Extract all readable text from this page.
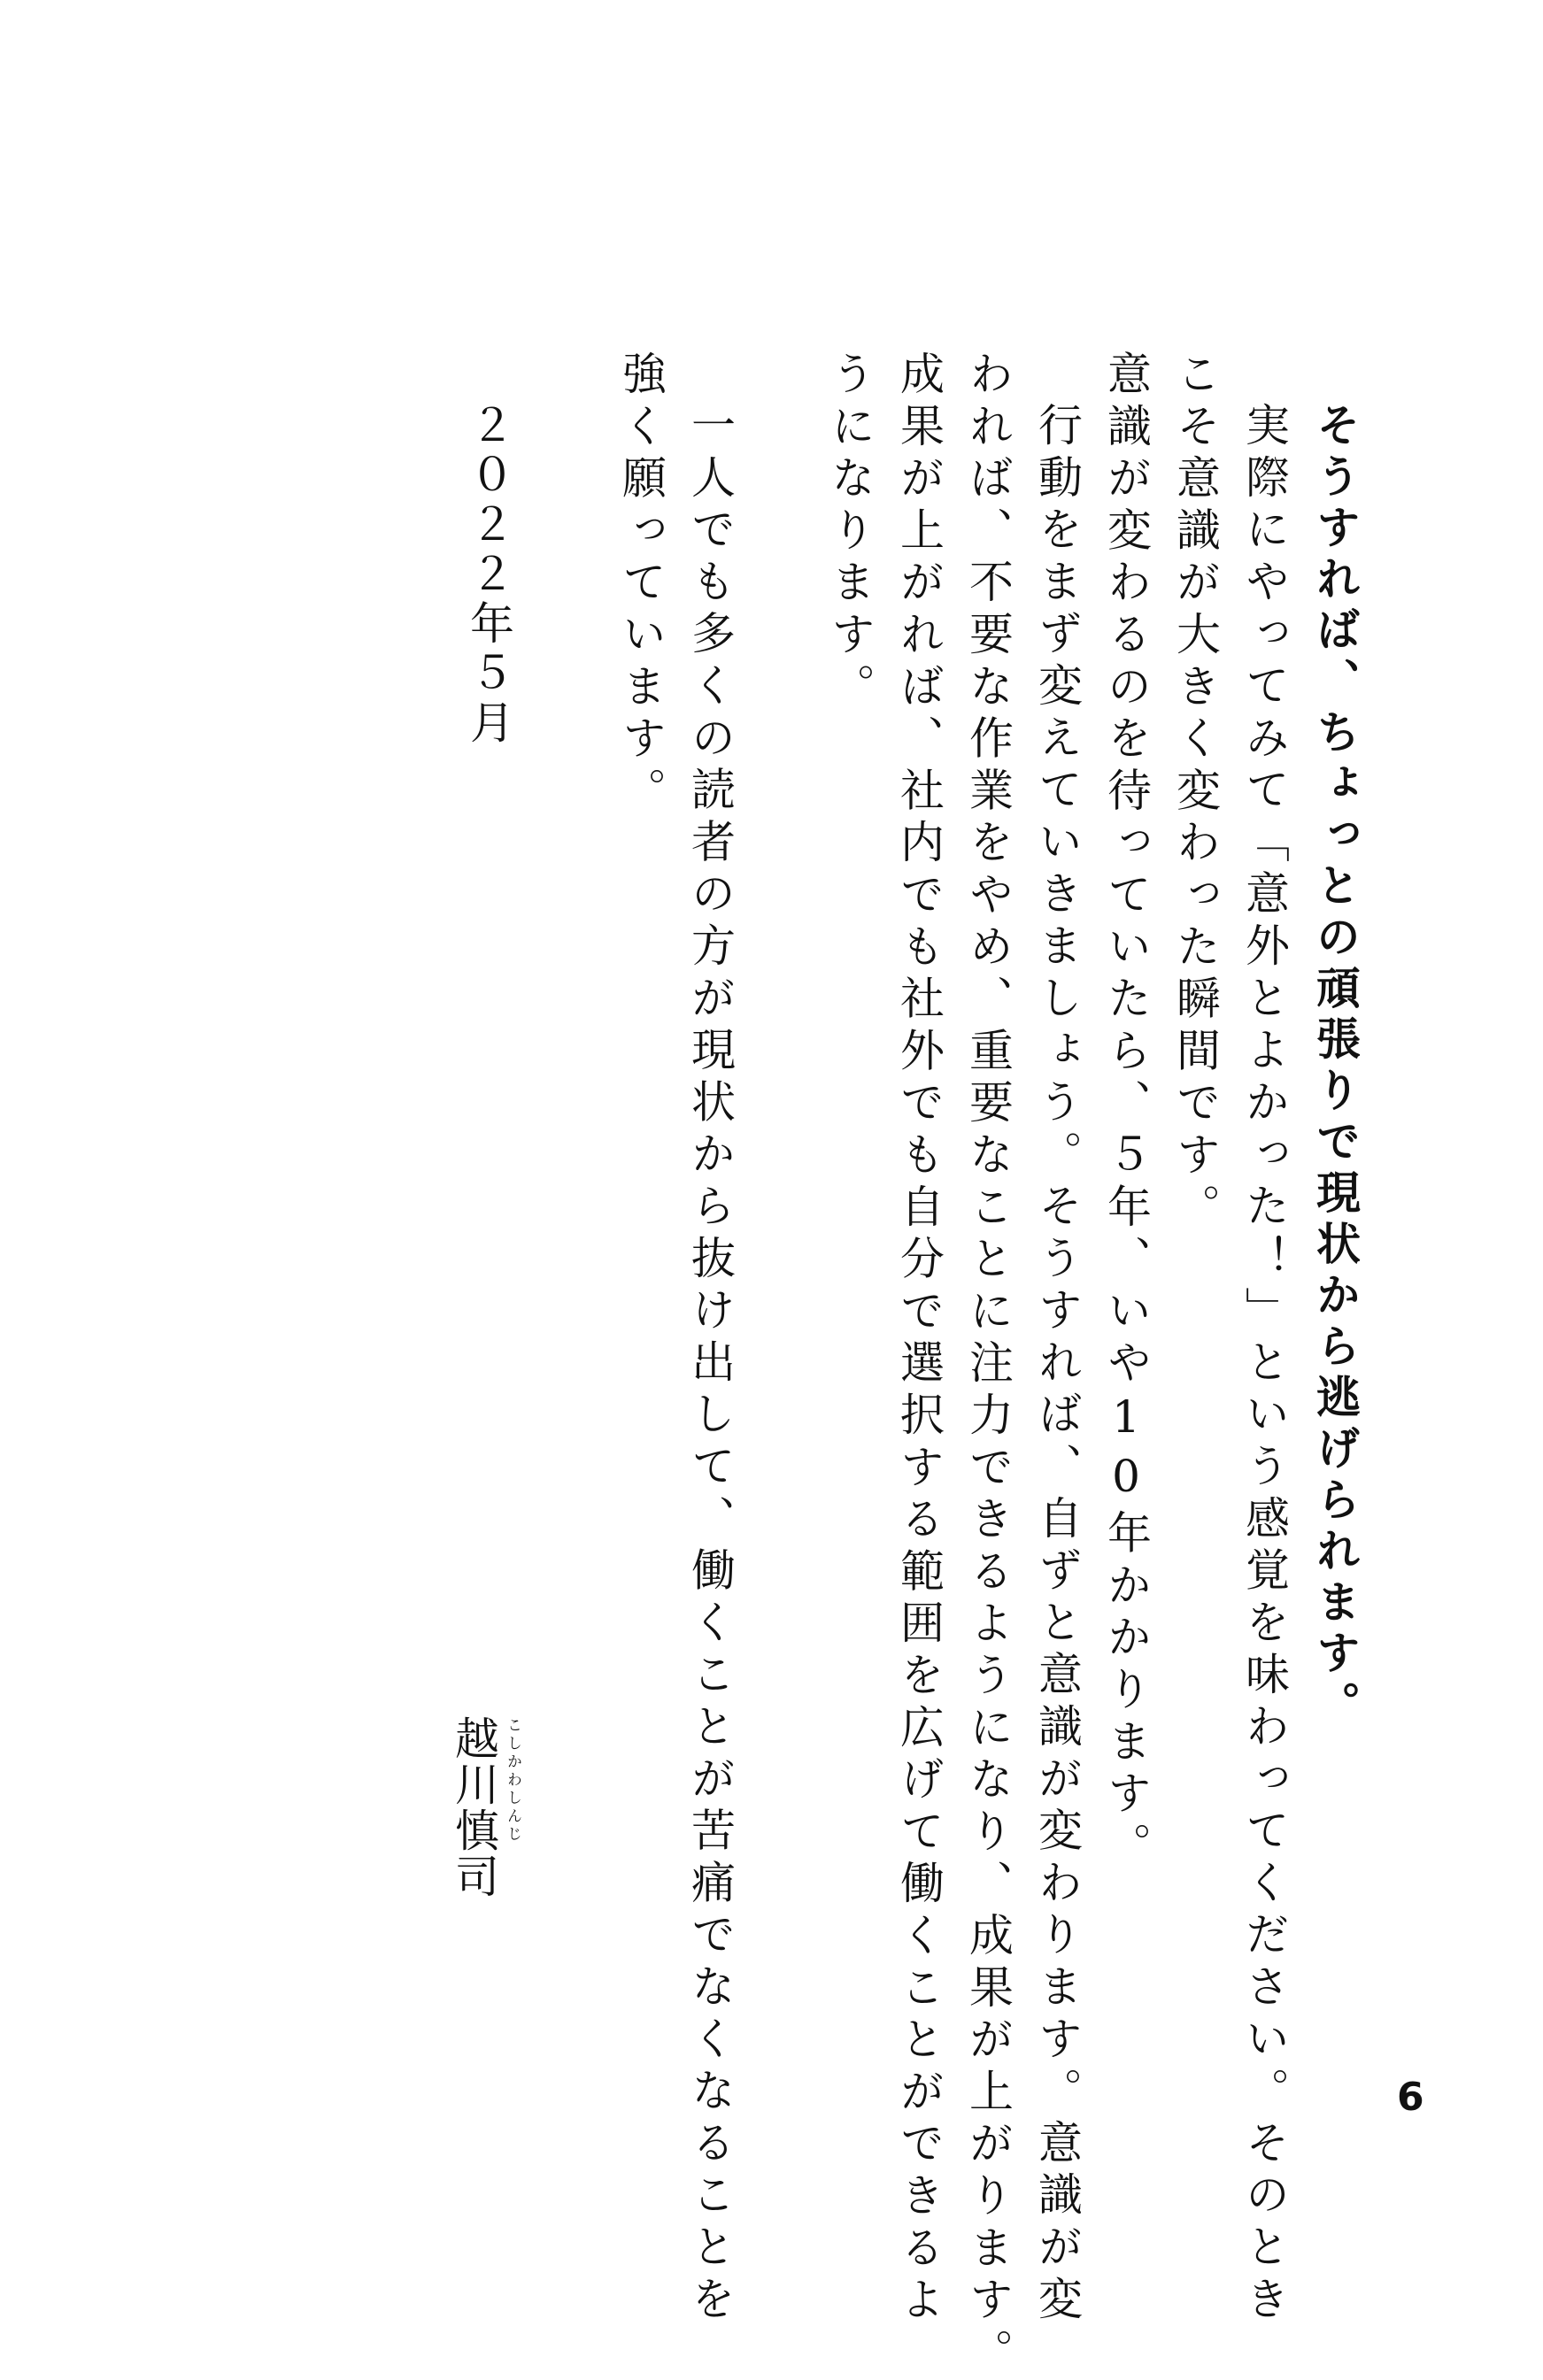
そうすれば、ちょっとの頑張りで現状から逃げられます。
実際にやってみて「意外とよかった！」という感覚を味わってください。そのとき
こそ意識が大きく変わった瞬間です。
意識が変わるのを待っていたら、５年、いや10年かかります。
行動をまず変えていきましょう。そうすれば、自ずと意識が変わります。意識が変
われば、不要な作業をやめ、重要なことに注力できるようになり、成果が上がります。
成果が上がれば、社内でも社外でも自分で選択する範囲を広げて働くことができるよ
うになります。
一人でも多くの読者の方が現状から抜け出して、働くことが苦痛でなくなることを
強く願っています。
２０２２年５月
越川慎司 こしかわしんじ
6
